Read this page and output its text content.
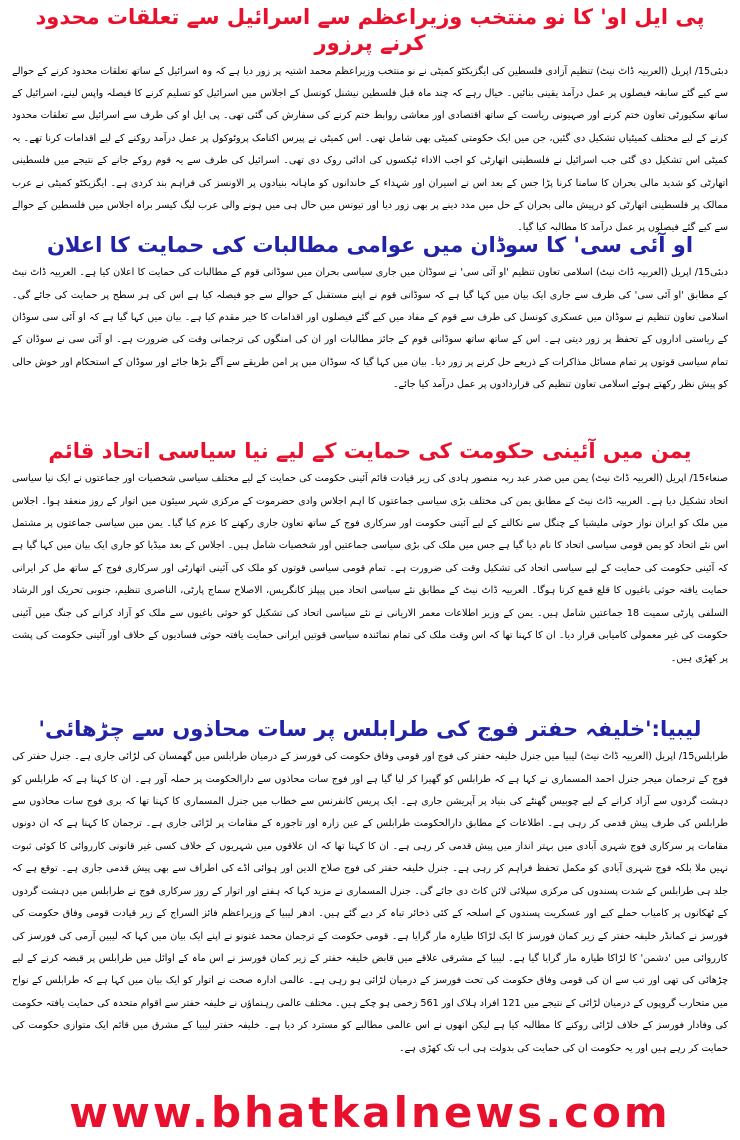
پی ایل او' کا نو منتخب وزیراعظم سے اسرائیل سے تعلقات محدود کرنے پرزور

دبئی15/ اپریل (العربیہ ڈاٹ نیٹ) تنظیم آزادی فلسطین کی ایگزیکٹو کمیٹی نے نو منتخب وزیراعظم محمد اشتیہ پر زور دیا ہے کہ وہ اسرائیل کے ساتھ تعلقات محدود کرنے کے حوالے سے کیے گئے سابقہ فیصلوں پر عمل درآمد یقینی بنائیں۔ خیال رہے کہ چند ماہ قبل فلسطین نیشنل کونسل کے اجلاس میں اسرائیل کو تسلیم کرنے کا فیصلہ واپس لینے، اسرائیل کے ساتھ سکیورٹی تعاون ختم کرنے اور صہیونی ریاست کے ساتھ اقتصادی اور معاشی روابط ختم کرنے کی سفارش کی گئی تھی۔ پی ایل او کی طرف سے اسرائیل سے تعلقات محدود کرنے کے لیے مختلف کمیٹیاں تشکیل دی گئیں، جن میں ایک حکومتی کمیٹی بھی شامل تھی۔ اس کمیٹی نے پیرس اکنامک پروٹوکول پر عمل درآمد روکنے کے لیے اقدامات کرنا تھے۔ یہ کمیٹی اس تشکیل دی گئی جب اسرائیل نے فلسطینی اتھارٹی کو اجب الاداء ٹیکسوں کی ادائی روک دی تھی۔ اسرائیل کی طرف سے یہ قوم روکے جانے کے نتیجے میں فلسطینی اتھارٹی کو شدید مالی بحران کا سامنا کرنا پڑا جس کے بعد اس نے اسیران اور شہداء کے خاندانوں کو ماہانہ بنیادوں پر الاونسز کی فراہم بند کردی ہے۔ ایگزیکٹو کمیٹی نے عرب ممالک پر فلسطینی اتھارٹی کو درپیش مالی بحران کے حل میں مدد دینے پر بھی زور دیا اور تیونس میں حال ہی میں ہونے والی عرب لیگ کیسر براہ اجلاس میں فلسطین کے حوالے سے کیے گئے فیصلوں پر عمل درآمد کا مطالبہ کیا گیا۔

او آئی سی' کا سوڈان میں عوامی مطالبات کی حمایت کا اعلان

دبئی15/ اپریل (العربیہ ڈاٹ نیٹ) اسلامی تعاون تنظیم 'او آئی سی' نے سوڈان میں جاری سیاسی بحران میں سوڈانی قوم کے مطالبات کی حمایت کا اعلان کیا ہے۔ العربیہ ڈاٹ نیٹ کے مطابق 'او آئی سی' کی طرف سے جاری ایک بیان میں کہا گیا ہے کہ سوڈانی قوم نے اپنے مستقبل کے حوالے سے جو فیصلہ کیا ہے اس کی ہر سطح پر حمایت کی جائے گی۔ اسلامی تعاون تنظیم نے سوڈان میں عسکری کونسل کی طرف سے قوم کے مفاد میں کیے گئے فیصلوں اور اقدامات کا خیر مقدم کیا ہے۔ بیان میں کہا گیا ہے کہ او آئی سی سوڈان کے ریاستی اداروں کے تحفظ پر زور دیتی ہے۔ اس کے ساتھ ساتھ سوڈانی قوم کے جائز مطالبات اور ان کی امنگوں کی ترجمانی وقت کی ضرورت ہے۔ او آئی سی نے سوڈان کے تمام سیاسی قوتوں پر تمام مسائل مذاکرات کے ذریعے حل کرنے پر زور دیا۔ بیان میں کہا گیا کہ سوڈان میں پر امن طریقے سے آگے بڑھا جائے اور سوڈان کے استحکام اور خوش حالی کو پیش نظر رکھتے ہوئے اسلامی تعاون تنظیم کی قراردادوں پر عمل درآمد کیا جائے۔

یمن میں آئینی حکومت کی حمایت کے لیے نیا سیاسی اتحاد قائم

صنعاء15/ اپریل (العربیہ ڈاٹ نیٹ) یمن میں صدر عبد ربہ منصور ہادی کی زیر قیادت قائم آئینی حکومت کی حمایت کے لیے مختلف سیاسی شخصیات اور جماعتوں نے ایک نیا سیاسی اتحاد تشکیل دیا ہے۔ العربیہ ڈاٹ نیٹ کے مطابق یمن کی مختلف بڑی سیاسی جماعتوں کا اہم اجلاس وادی حضرموت کے مرکزی شہر سیئون میں اتوار کے روز منعقد ہوا۔ اجلاس میں ملک کو ایران نواز حوثی ملیشیا کے چنگل سے نکالنے کے لیے آئینی حکومت اور سرکاری فوج کے ساتھ تعاون جاری رکھنے کا عزم کیا گیا۔ یمن میں سیاسی جماعتوں پر مشتمل اس نئے اتحاد کو یمن قومی سیاسی اتحاد کا نام دیا گیا ہے جس میں ملک کی بڑی سیاسی جماعتیں اور شخصیات شامل ہیں۔ اجلاس کے بعد میڈیا کو جاری ایک بیان میں کہا گیا ہے کہ آئینی حکومت کی حمایت کے لیے سیاسی اتحاد کی تشکیل وقت کی ضرورت ہے۔ تمام قومی سیاسی قوتوں کو ملک کی آئینی اتھارٹی اور سرکاری فوج کے ساتھ مل کر ایرانی حمایت یافتہ حوثی باغیوں کا قلع قمع کرنا ہوگا۔ العربیہ ڈاٹ نیٹ کے مطابق نئے سیاسی اتحاد میں پیپلز کانگریس، الاصلاح سماج پارٹی، الناصری تنظیم، جنوبی تحریک اور الرشاد السلفی پارٹی سمیت 18 جماعتیں شامل ہیں۔ یمن کے وزیر اطلاعات معمر الاریانی نے نئے سیاسی اتحاد کی تشکیل کو حوثی باغیوں سے ملک کو آزاد کرانے کی جنگ میں آئینی حکومت کی غیر معمولی کامیابی قرار دیا۔ ان کا کہنا تھا کہ اس وقت ملک کی تمام نمائندہ سیاسی قوتیں ایرانی حمایت یافتہ حوثی فسادیوں کے خلاف اور آئینی حکومت کی پشت پر کھڑی ہیں۔

لیبیا:'خلیفہ حفتر فوج کی طرابلس پر سات محاذوں سے چڑھائی'

طرابلس15/ اپریل (العربیہ ڈاٹ نیٹ) لیبیا میں جنرل خلیفہ حفتر کی فوج اور قومی وفاق حکومت کی فورسز کے درمیان طرابلس میں گھمسان کی لڑائی جاری ہے۔ جنرل حفتر کی فوج کے ترجمان میجر جنرل احمد المسماری نے کہا ہے کہ طرابلس کو گھیرا کر لیا گیا ہے اور فوج سات محاذوں سے دارالحکومت پر حملہ آور ہے۔ ان کا کہنا ہے کہ طرابلس کو دہشت گردوں سے آزاد کرانے کے لیے چوبیس گھنٹے کی بنیاد پر آپریشن جاری ہے۔ ایک پریس کانفرنس سے خطاب میں جنرل المسماری کا کہنا تھا کہ بری فوج سات محاذوں سے طرابلس کی طرف پیش قدمی کر رہی ہے۔ اطلاعات کے مطابق دارالحکومت طرابلس کے عین زارہ اور تاجورہ کے مقامات پر لڑائی جاری ہے۔ ترجمان کا کہنا ہے کہ ان دونوں مقامات پر سرکاری فوج شہری آبادی میں بہتر انداز میں پیش قدمی کر رہی ہے۔ ان کا کہنا تھا کہ ان علاقوں میں شہریوں کے خلاف کسی غیر قانونی کارروائی کا کوئی ثبوت نہیں ملا بلکہ فوج شہری آبادی کو مکمل تحفظ فراہم کر رہی ہے۔ جنرل خلیفہ حفتر کی فوج صلاح الدین اور ہوائی اڈے کی اطراف سے بھی پیش قدمی جاری ہے۔ توقع ہے کہ جلد ہی طرابلس کے شدت پسندوں کی مرکزی سپلائی لائن کاٹ دی جائے گی۔ جنرل المسماری نے مزید کہا کہ ہفتے اور اتوار کے روز سرکاری فوج نے طرابلس میں دہشت گردوں کے ٹھکانوں پر کامیاب حملے کیے اور عسکریت پسندوں کے اسلحہ کے کئی ذخائر تباہ کر دیے گئے ہیں۔ ادھر لیبیا کے وزیراعظم فائز السراج کے زیر قیادت قومی وفاق حکومت کی فورسز نے کمانڈر خلیفہ حفتر کے زیر کمان فورسز کا ایک لڑاکا طیارہ مار گرایا ہے۔ قومی حکومت کے ترجمان محمد غنونو نے اپنے ایک بیان میں کہا کہ لیبین آرمی کی فورسز کی کارروائی میں 'دشمن' کا لڑاکا طیارہ مار گرایا گیا ہے۔ لیبیا کے مشرقی علاقے میں قابض خلیفہ حفتر کے زیر کمان فورسز نے اس ماہ کے اوائل میں طرابلس پر قبضہ کرنے کے لیے چڑھائی کی تھی اور تب سے ان کی قومی وفاق حکومت کی تحت فورسز کے درمیان لڑائی ہو رہی ہے۔ عالمی ادارہ صحت نے اتوار کو ایک بیان میں کہا ہے کہ طرابلس کے نواح میں متحارب گروپوں کے درمیان لڑائی کے نتیجے میں 121 افراد ہلاک اور 561 زخمی ہو چکے ہیں۔ مختلف عالمی رہنماؤں نے خلیفہ حفتر سے اقوام متحدہ کی حمایت یافتہ حکومت کی وفادار فورسز کے خلاف لڑائی روکنے کا مطالبہ کیا ہے لیکن انھوں نے اس عالمی مطالبے کو مسترد کر دیا ہے۔ خلیفہ حفتر لیبیا کے مشرق میں قائم ایک متوازی حکومت کی حمایت کر رہے ہیں اور یہ حکومت ان کی حمایت کی بدولت ہی اب تک کھڑی ہے۔

www.bhatkalnews.com
